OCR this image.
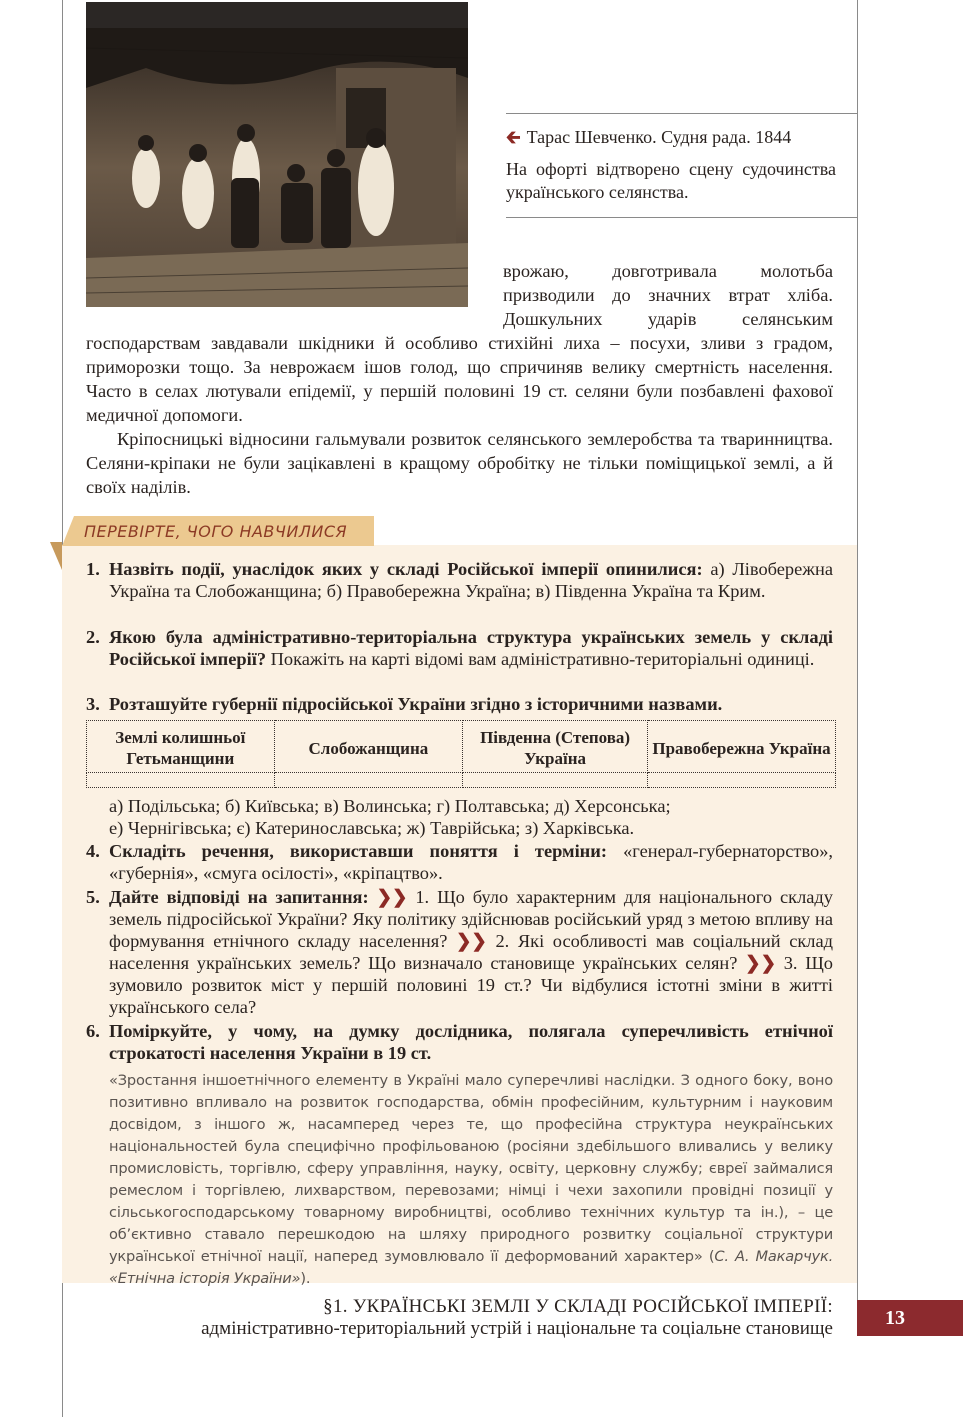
🡰 Тарас Шевченко. Судня рада. 1844
На офорті відтворено сцену судочинства українського селянства.
врожаю, довготривала молотьба призводили до значних втрат хліба. Дошкульних ударів селянським
господарствам завдавали шкідники й особливо стихійні лиха – посухи, зливи з градом, приморозки тощо. За неврожаєм ішов голод, що спричиняв велику смертність населення. Часто в селах лютували епідемії, у першій половині 19 ст. селяни були позбавлені фахової медичної допомоги.
Кріпосницькі відносини гальмували розвиток селянського землеробства та тваринництва. Селяни-кріпаки не були зацікавлені в кращому обробітку не тільки поміщицької землі, а й своїх наділів.
ПЕРЕВІРТЕ, ЧОГО НАВЧИЛИСЯ
1. Назвіть події, унаслідок яких у складі Російської імперії опинилися: а) Лівобережна Україна та Слобожанщина; б) Правобережна Україна; в) Південна Україна та Крим.
2. Якою була адміністративно-територіальна структура українських земель у складі Російської імперії? Покажіть на карті відомі вам адміністративно-територіальні одиниці.
3. Розташуйте губернії підросійської України згідно з історичними назвами.
Землі колишньої Гетьманщини	Слобожанщина	Південна (Степова) Україна	Правобережна Україна

а) Подільська; б) Київська; в) Волинська; г) Полтавська; д) Херсонська;
е) Чернігівська; є) Катеринославська; ж) Таврійська; з) Харківська.
4. Складіть речення, використавши поняття і терміни: «генерал-губернаторство», «губернія», «смуга осілості», «кріпацтво».
5. Дайте відповіді на запитання: ❯❯ 1. Що було характерним для національного складу земель підросійської України? Яку політику здійснював російський уряд з метою впливу на формування етнічного складу населення? ❯❯ 2. Які особливості мав соціальний склад населення українських земель? Що визначало становище українських селян? ❯❯ 3. Що зумовило розвиток міст у першій половині 19 ст.? Чи відбулися істотні зміни в житті українського села?
6. Поміркуйте, у чому, на думку дослідника, полягала суперечливість етнічної строкатості населення України в 19 ст.
«Зростання іншоетнічного елементу в Україні мало суперечливі наслідки. З одного боку, воно позитивно впливало на розвиток господарства, обмін професійним, культурним і науковим досвідом, з іншого ж, насамперед через те, що професійна структура неукраїнських національностей була специфічно профільованою (росіяни здебільшого вливались у велику промисловість, торгівлю, сферу управління, науку, освіту, церковну службу; євреї займалися ремеслом і торгівлею, лихварством, перевозами; німці і чехи захопили провідні позиції у сільськогосподарському товарному виробництві, особливо технічних культур та ін.), – це об’єктивно ставало перешкодою на шляху природного розвитку соціальної структури української етнічної нації, наперед зумовлювало її деформований характер» (С. А. Макарчук. «Етнічна історія України»).
§1. УКРАЇНСЬКІ ЗЕМЛІ У СКЛАДІ РОСІЙСЬКОЇ ІМПЕРІЇ:
адміністративно-територіальний устрій і національне та соціальне становище	13
